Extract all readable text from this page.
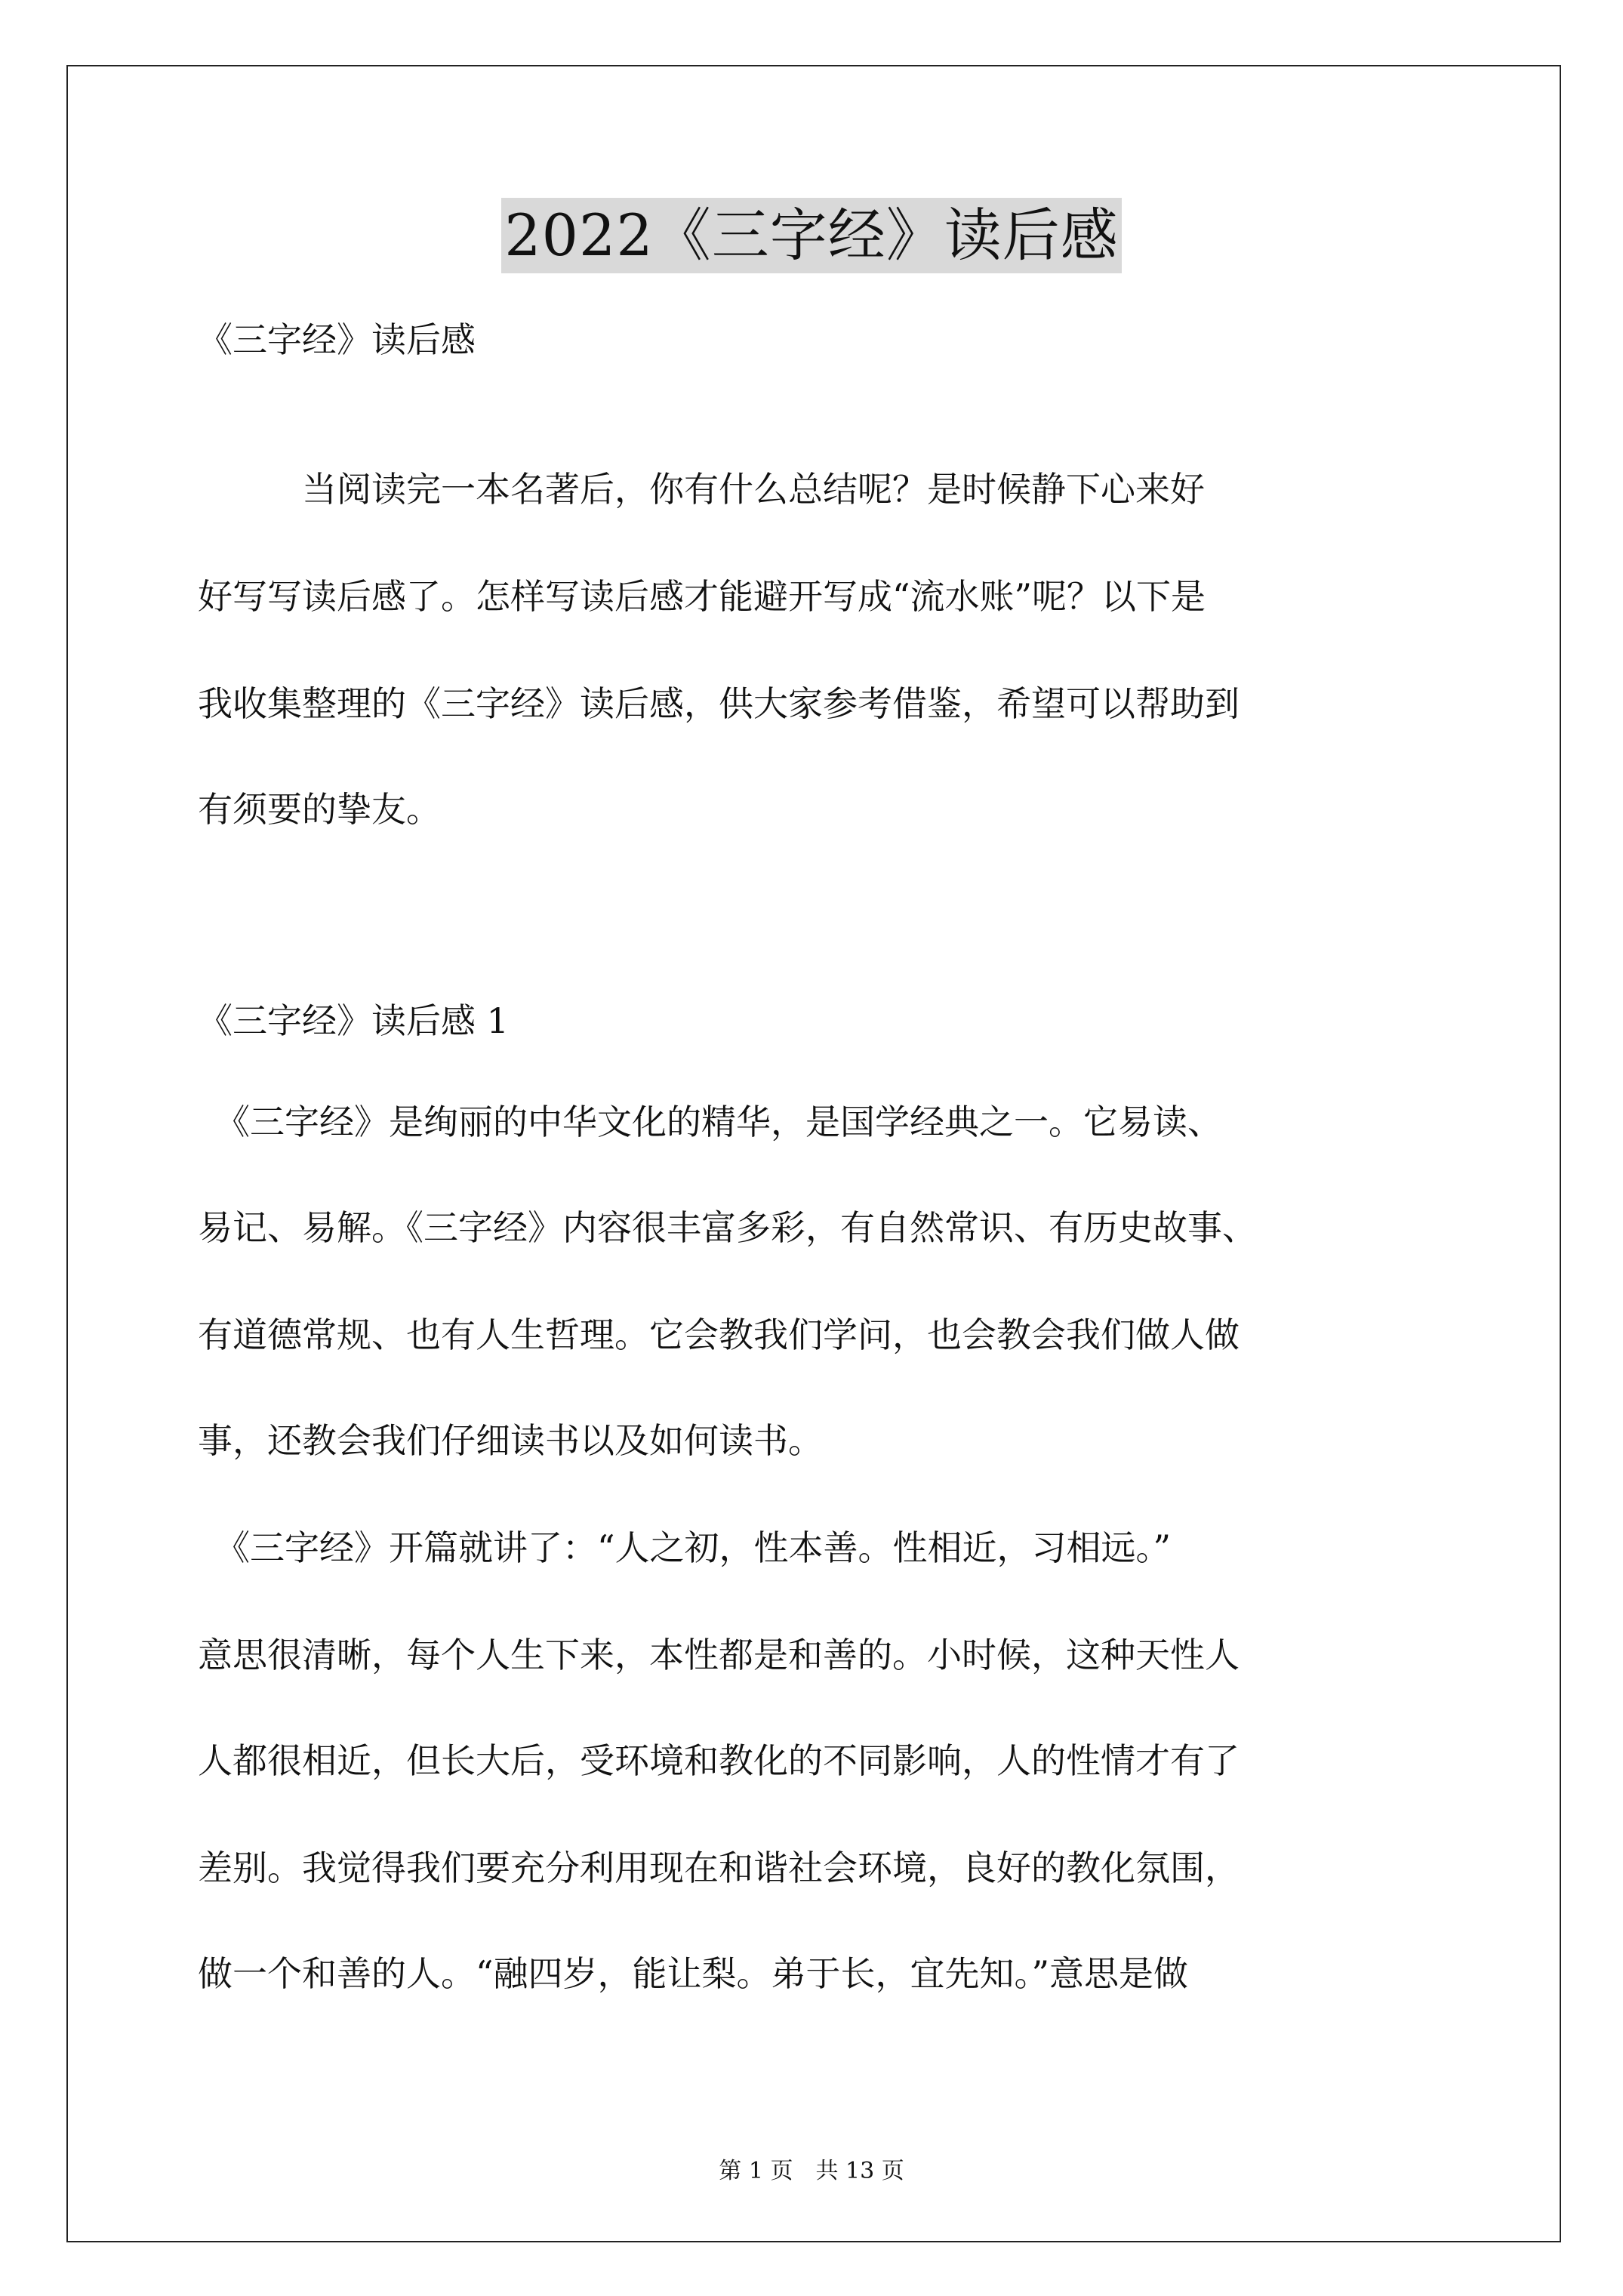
2022《三字经》读后感
《三字经》读后感
　　　当阅读完一本名著后，你有什么总结呢？是时候静下心来好
好写写读后感了。怎样写读后感才能避开写成“流水账”呢？以下是
我收集整理的《三字经》读后感，供大家参考借鉴，希望可以帮助到
有须要的挚友。
《三字经》读后感 1
　《三字经》是绚丽的中华文化的精华，是国学经典之一。它易读、
易记、易解。《三字经》内容很丰富多彩，有自然常识、有历史故事、
有道德常规、也有人生哲理。它会教我们学问，也会教会我们做人做
事，还教会我们仔细读书以及如何读书。
　《三字经》开篇就讲了：“人之初，性本善。性相近，习相远。”
意思很清晰，每个人生下来，本性都是和善的。小时候，这种天性人
人都很相近，但长大后，受环境和教化的不同影响，人的性情才有了
差别。我觉得我们要充分利用现在和谐社会环境，良好的教化氛围，
做一个和善的人。“融四岁，能让梨。弟于长，宜先知。”意思是做
第 1 页　共 13 页
